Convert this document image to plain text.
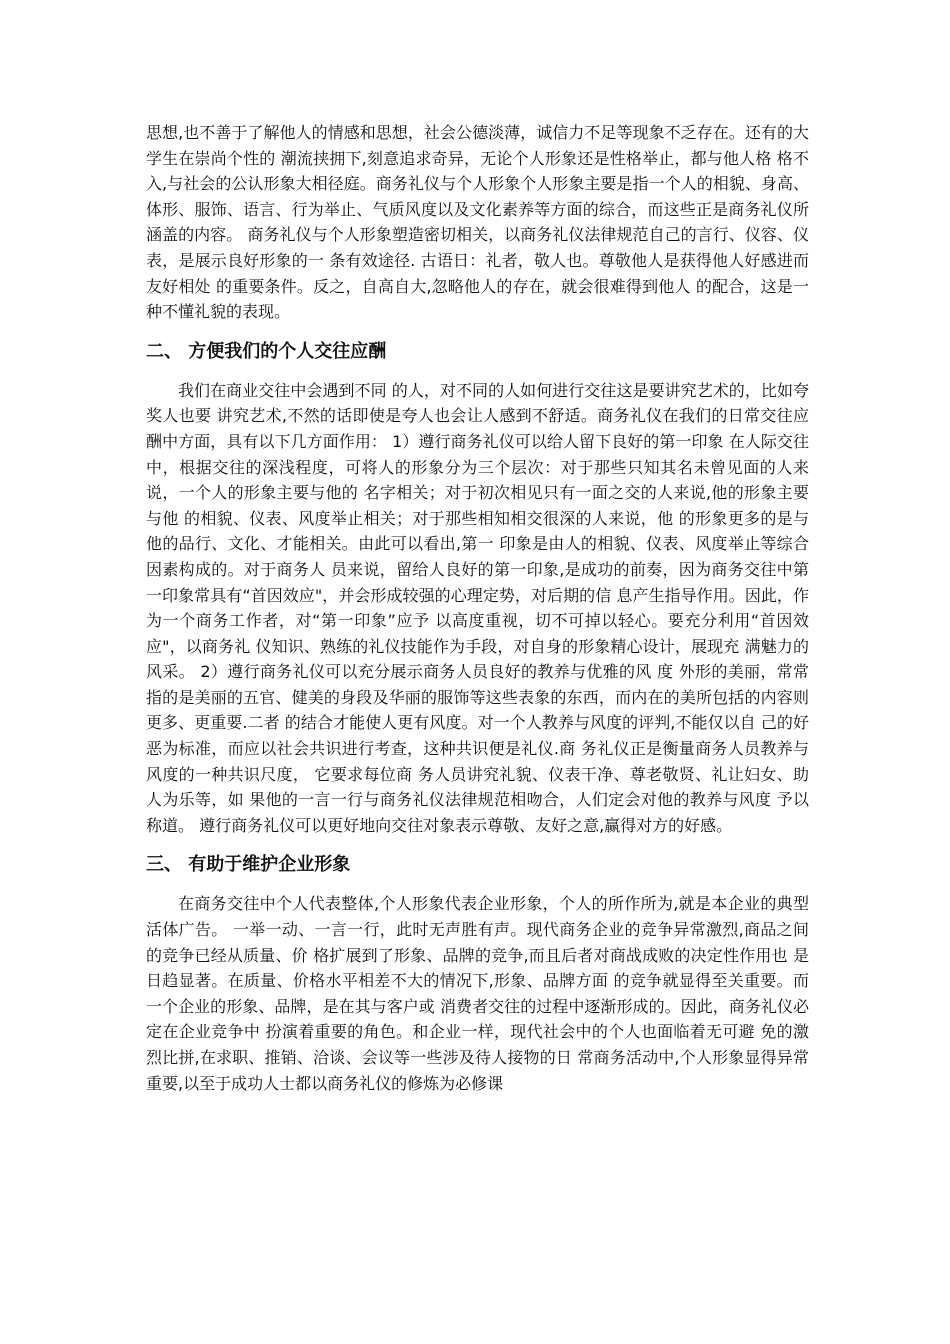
思想,也不善于了解他人的情感和思想，社会公德淡薄，诚信力不足等现象不乏存在。还有的大学生在崇尚个性的 潮流挟拥下,刻意追求奇异，无论个人形象还是性格举止，都与他人格 格不入,与社会的公认形象大相径庭。商务礼仪与个人形象个人形象主要是指一个人的相貌、身高、体形、服饰、语言、行为举止、气质风度以及文化素养等方面的综合，而这些正是商务礼仪所涵盖的内容。 商务礼仪与个人形象塑造密切相关，以商务礼仪法律规范自己的言行、仪容、仪表，是展示良好形象的一 条有效途径. 古语日：礼者，敬人也。尊敬他人是获得他人好感进而友好相处 的重要条件。反之，自高自大,忽略他人的存在，就会很难得到他人 的配合，这是一种不懂礼貌的表现。

二、 方便我们的个人交往应酬

我们在商业交往中会遇到不同 的人，对不同的人如何进行交往这是要讲究艺术的，比如夸奖人也要 讲究艺术,不然的话即使是夸人也会让人感到不舒适。商务礼仪在我们的日常交往应酬中方面，具有以下几方面作用： 1）遵行商务礼仪可以给人留下良好的第一印象 在人际交往中，根据交往的深浅程度，可将人的形象分为三个层次：对于那些只知其名未曾见面的人来说，一个人的形象主要与他的 名字相关；对于初次相见只有一面之交的人来说,他的形象主要与他 的相貌、仪表、风度举止相关；对于那些相知相交很深的人来说，他 的形象更多的是与他的品行、文化、才能相关。由此可以看出,第一 印象是由人的相貌、仪表、风度举止等综合因素构成的。对于商务人 员来说，留给人良好的第一印象,是成功的前奏，因为商务交往中第 一印象常具有“首因效应"，并会形成较强的心理定势，对后期的信 息产生指导作用。因此，作为一个商务工作者，对“第一印象”应予 以高度重视，切不可掉以轻心。要充分利用“首因效应"，以商务礼 仪知识、熟练的礼仪技能作为手段，对自身的形象精心设计，展现充 满魅力的风采。 2）遵行商务礼仪可以充分展示商务人员良好的教养与优雅的风 度 外形的美丽，常常指的是美丽的五官、健美的身段及华丽的服饰等这些表象的东西，而内在的美所包括的内容则更多、更重要.二者 的结合才能使人更有风度。对一个人教养与风度的评判,不能仅以自 己的好恶为标准，而应以社会共识进行考查，这种共识便是礼仪.商 务礼仪正是衡量商务人员教养与风度的一种共识尺度， 它要求每位商 务人员讲究礼貌、仪表干净、尊老敬贤、礼让妇女、助人为乐等，如 果他的一言一行与商务礼仪法律规范相吻合，人们定会对他的教养与风度 予以称道。 遵行商务礼仪可以更好地向交往对象表示尊敬、友好之意,赢得对方的好感。

三、 有助于维护企业形象

在商务交往中个人代表整体,个人形象代表企业形象，个人的所作所为,就是本企业的典型活体广告。 一举一动、一言一行，此时无声胜有声。现代商务企业的竞争异常激烈,商品之间的竞争已经从质量、价 格扩展到了形象、品牌的竞争,而且后者对商战成败的决定性作用也 是日趋显著。在质量、价格水平相差不大的情况下,形象、品牌方面 的竞争就显得至关重要。而一个企业的形象、品牌，是在其与客户或 消费者交往的过程中逐渐形成的。因此，商务礼仪必定在企业竞争中 扮演着重要的角色。和企业一样，现代社会中的个人也面临着无可避 免的激烈比拼,在求职、推销、洽谈、会议等一些涉及待人接物的日 常商务活动中,个人形象显得异常重要,以至于成功人士都以商务礼仪的修炼为必修课
